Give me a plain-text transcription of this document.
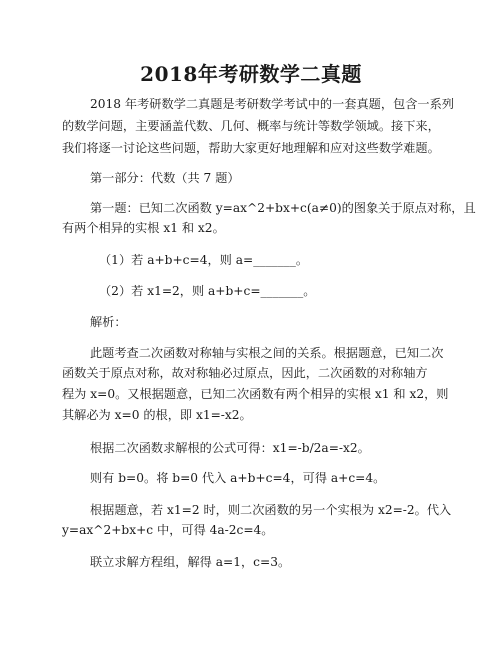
2018年考研数学二真题
2018 年考研数学二真题是考研数学考试中的一套真题，包含一系列
的数学问题，主要涵盖代数、几何、概率与统计等数学领域。接下来，
我们将逐一讨论这些问题，帮助大家更好地理解和应对这些数学难题。
第一部分：代数（共 7 题）
第一题：已知二次函数 y=ax^2+bx+c(a≠0)的图象关于原点对称，且
有两个相异的实根 x1 和 x2。
（1）若 a+b+c=4，则 a=_______。
（2）若 x1=2，则 a+b+c=_______。
解析：
此题考查二次函数对称轴与实根之间的关系。根据题意，已知二次
函数关于原点对称，故对称轴必过原点，因此，二次函数的对称轴方
程为 x=0。又根据题意，已知二次函数有两个相异的实根 x1 和 x2，则
其解必为 x=0 的根，即 x1=-x2。
根据二次函数求解根的公式可得：x1=-b/2a=-x2。
则有 b=0。将 b=0 代入 a+b+c=4，可得 a+c=4。
根据题意，若 x1=2 时，则二次函数的另一个实根为 x2=-2。代入
y=ax^2+bx+c 中，可得 4a-2c=4。
联立求解方程组，解得 a=1，c=3。
